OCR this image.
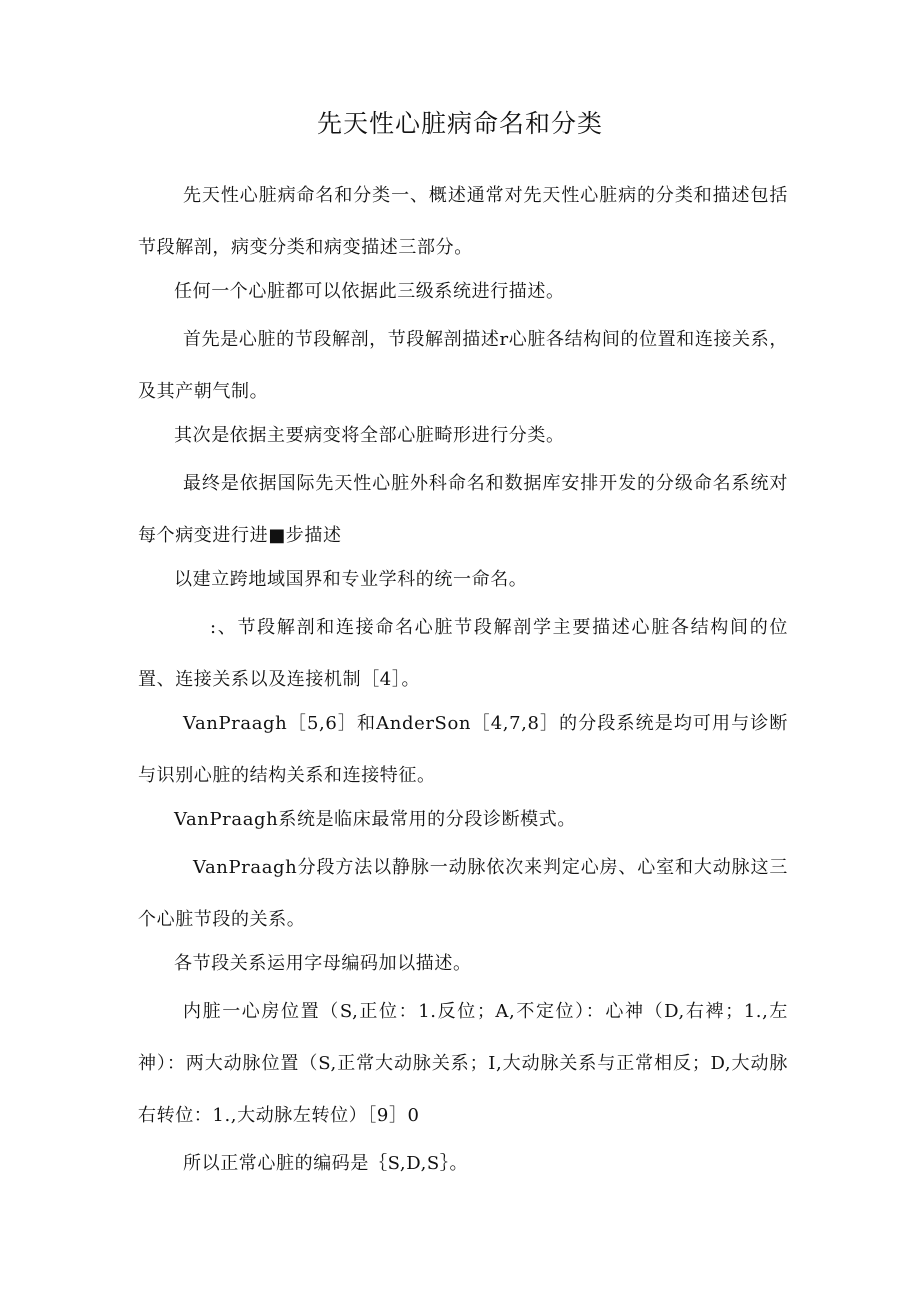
先天性心脏病命名和分类

先天性心脏病命名和分类一、概述通常对先天性心脏病的分类和描述包括节段解剖，病变分类和病变描述三部分。

任何一个心脏都可以依据此三级系统进行描述。

首先是心脏的节段解剖，节段解剖描述r心脏各结构间的位置和连接关系，及其产朝气制。

其次是依据主要病变将全部心脏畸形进行分类。

最终是依据国际先天性心脏外科命名和数据库安排开发的分级命名系统对每个病变进行进■步描述

以建立跨地域国界和专业学科的统一命名。

:、节段解剖和连接命名心脏节段解剖学主要描述心脏各结构间的位置、连接关系以及连接机制［4］。

VanPraagh［5,6］和AnderSon［4,7,8］的分段系统是均可用与诊断与识别心脏的结构关系和连接特征。

VanPraagh系统是临床最常用的分段诊断模式。

VanPraagh分段方法以静脉一动脉依次来判定心房、心室和大动脉这三个心脏节段的关系。

各节段关系运用字母编码加以描述。

内脏一心房位置（S,正位：1.反位；A,不定位）：心神（D,右裨；1.,左神）：两大动脉位置（S,正常大动脉关系；I,大动脉关系与正常相反；D,大动脉右转位：1.,大动脉左转位）［9］0

所以正常心脏的编码是｛S,D,S｝。
